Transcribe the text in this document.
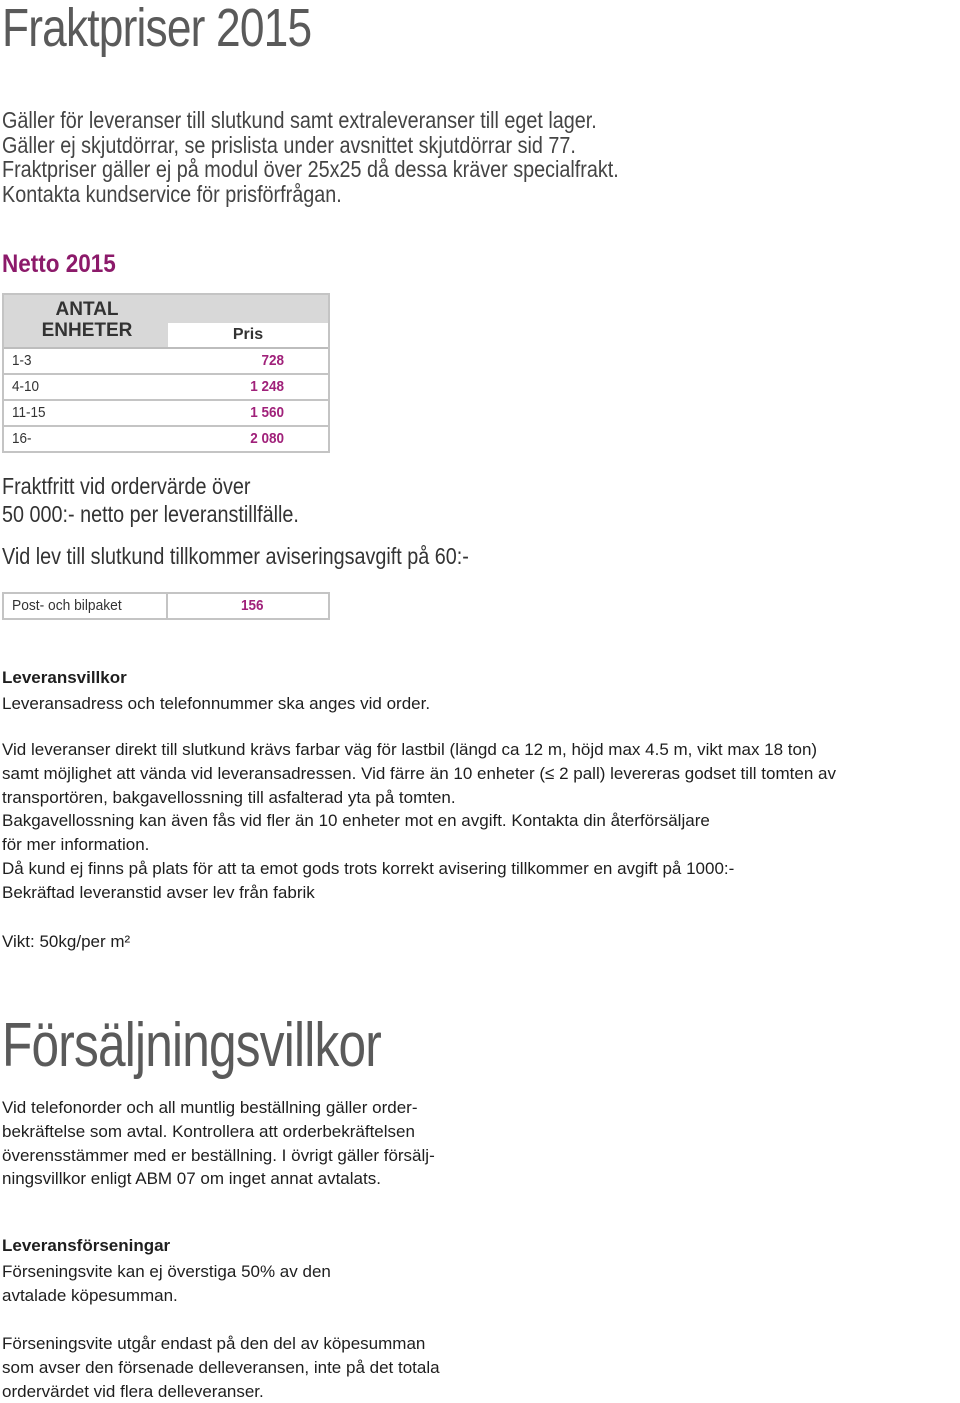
Fraktpriser 2015
Gäller för leveranser till slutkund samt extraleveranser till eget lager.
Gäller ej skjutdörrar, se prislista under avsnittet skjutdörrar sid 77.
Fraktpriser gäller ej på modul över 25x25 då dessa kräver specialfrakt.
Kontakta kundservice för prisförfrågan.
Netto 2015
ANTAL
ENHETER	Pris
1-3	728
4-10	1 248
11-15	1 560
16-	2 080
Fraktfritt vid ordervärde över
50 000:- netto per leveranstillfälle.
Vid lev till slutkund tillkommer aviseringsavgift på 60:-
Post- och bilpaket	156
Leveransvillkor
Leveransadress och telefonnummer ska anges vid order.
Vid leveranser direkt till slutkund krävs farbar väg för lastbil (längd ca 12 m, höjd max 4.5 m, vikt max 18 ton)
samt möjlighet att vända vid leveransadressen. Vid färre än 10 enheter (≤ 2 pall) levereras godset till tomten av
transportören, bakgavellossning till asfalterad yta på tomten.
Bakgavellossning kan även fås vid fler än 10 enheter mot en avgift. Kontakta din återförsäljare
för mer information.
Då kund ej finns på plats för att ta emot gods trots korrekt avisering tillkommer en avgift på 1000:-
Bekräftad leveranstid avser lev från fabrik
Vikt: 50kg/per m²
Försäljningsvillkor
Vid telefonorder och all muntlig beställning gäller order-
bekräftelse som avtal. Kontrollera att orderbekräftelsen
överensstämmer med er beställning. I övrigt gäller försälj-
ningsvillkor enligt ABM 07 om inget annat avtalats.
Leveransförseningar
Förseningsvite kan ej överstiga 50% av den
avtalade köpesumman.
Förseningsvite utgår endast på den del av köpesumman
som avser den försenade delleveransen, inte på det totala
ordervärdet vid flera delleveranser.
